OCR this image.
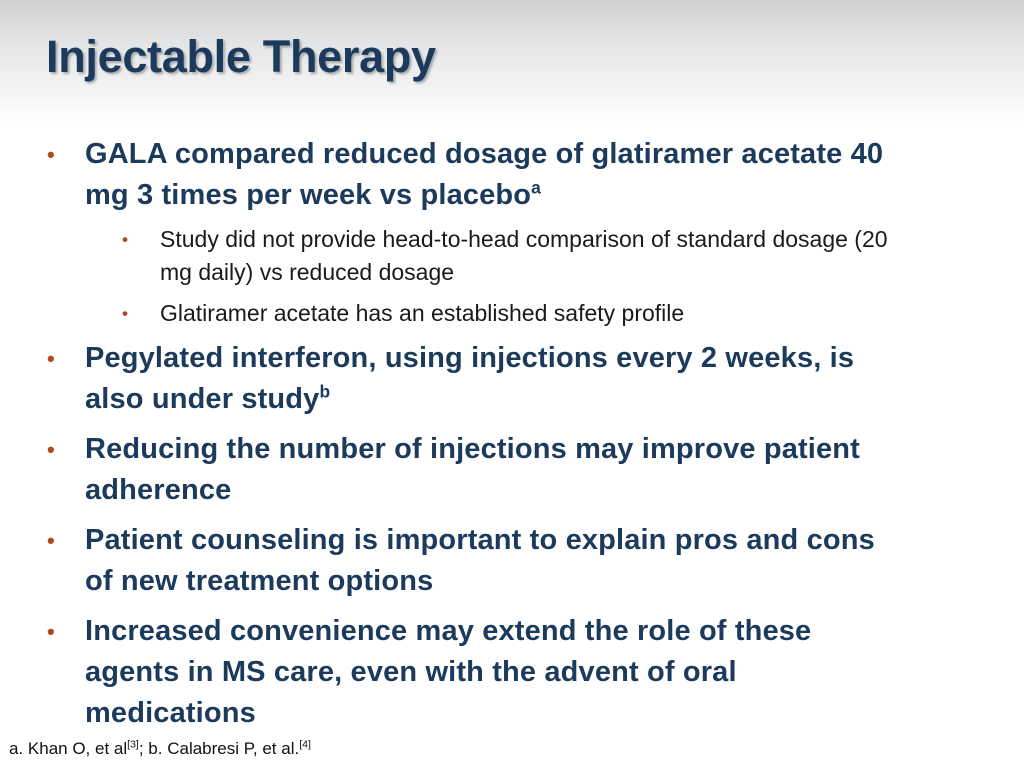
Injectable Therapy

• GALA compared reduced dosage of glatiramer acetate 40 mg 3 times per week vs placebo$^a$

• Study did not provide head-to-head comparison of standard dosage (20 mg daily) vs reduced dosage

• Glatiramer acetate has an established safety profile

• Pegylated interferon, using injections every 2 weeks, is also under study$^b$

• Reducing the number of injections may improve patient adherence

• Patient counseling is important to explain pros and cons of new treatment options

• Increased convenience may extend the role of these agents in MS care, even with the advent of oral medications

a. Khan O, et al[3]; b. Calabresi P, et al.[4]
